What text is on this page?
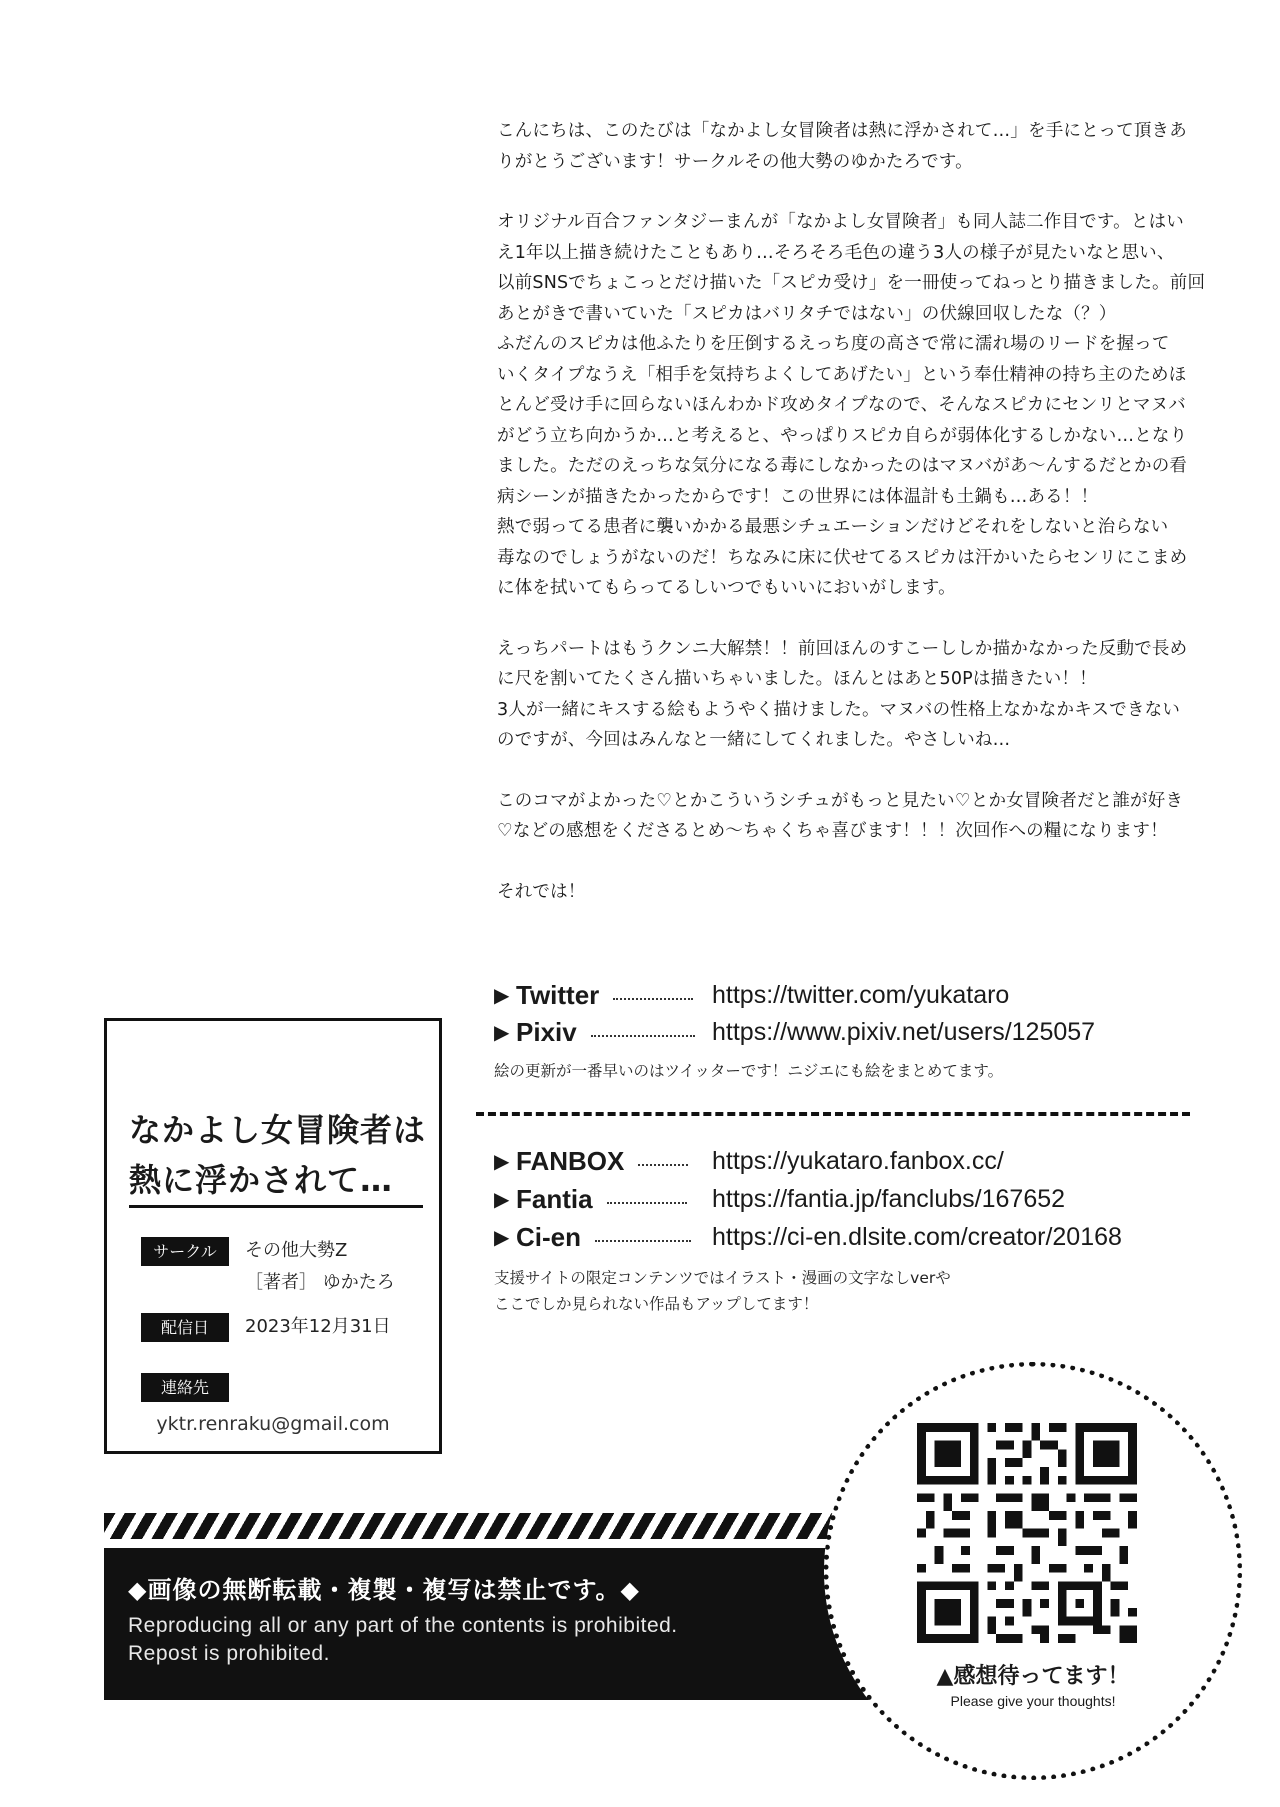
こんにちは、このたびは「なかよし女冒険者は熱に浮かされて…」を手にとって頂きあ
りがとうございます！サークルその他大勢のゆかたろです。

オリジナル百合ファンタジーまんが「なかよし女冒険者」も同人誌二作目です。とはい
え1年以上描き続けたこともあり…そろそろ毛色の違う3人の様子が見たいなと思い、
以前SNSでちょこっとだけ描いた「スピカ受け」を一冊使ってねっとり描きました。前回
あとがきで書いていた「スピカはバリタチではない」の伏線回収したな（？）
ふだんのスピカは他ふたりを圧倒するえっち度の高さで常に濡れ場のリードを握って
いくタイプなうえ「相手を気持ちよくしてあげたい」という奉仕精神の持ち主のためほ
とんど受け手に回らないほんわかド攻めタイプなので、そんなスピカにセンリとマヌバ
がどう立ち向かうか…と考えると、やっぱりスピカ自らが弱体化するしかない…となり
ました。ただのえっちな気分になる毒にしなかったのはマヌバがあ〜んするだとかの看
病シーンが描きたかったからです！この世界には体温計も土鍋も…ある！！
熱で弱ってる患者に襲いかかる最悪シチュエーションだけどそれをしないと治らない
毒なのでしょうがないのだ！ちなみに床に伏せてるスピカは汗かいたらセンリにこまめ
に体を拭いてもらってるしいつでもいいにおいがします。

えっちパートはもうクンニ大解禁！！前回ほんのすこーししか描かなかった反動で長め
に尺を割いてたくさん描いちゃいました。ほんとはあと50Pは描きたい！！
3人が一緒にキスする絵もようやく描けました。マヌバの性格上なかなかキスできない
のですが、今回はみんなと一緒にしてくれました。やさしいね…

このコマがよかった♡とかこういうシチュがもっと見たい♡とか女冒険者だと誰が好き
♡などの感想をくださるとめ〜ちゃくちゃ喜びます！！！次回作への糧になります！

それでは！

なかよし女冒険者は
熱に浮かされて…
サークル	その他大勢Z
［著者］ ゆかたろ
配信日	2023年12月31日
連絡先
yktr.renraku@gmail.com
▶ Twitter	https://twitter.com/yukataro
▶ Pixiv	https://www.pixiv.net/users/125057
絵の更新が一番早いのはツイッターです！ニジエにも絵をまとめてます。
▶ FANBOX	https://yukataro.fanbox.cc/
▶ Fantia	https://fantia.jp/fanclubs/167652
▶ Ci-en	https://ci-en.dlsite.com/creator/20168
支援サイトの限定コンテンツではイラスト・漫画の文字なしverや
ここでしか見られない作品もアップしてます！
◆画像の無断転載・複製・複写は禁止です。◆
Reproducing all or any part of the contents is prohibited.
Repost is prohibited.
▲感想待ってます！
Please give your thoughts!
